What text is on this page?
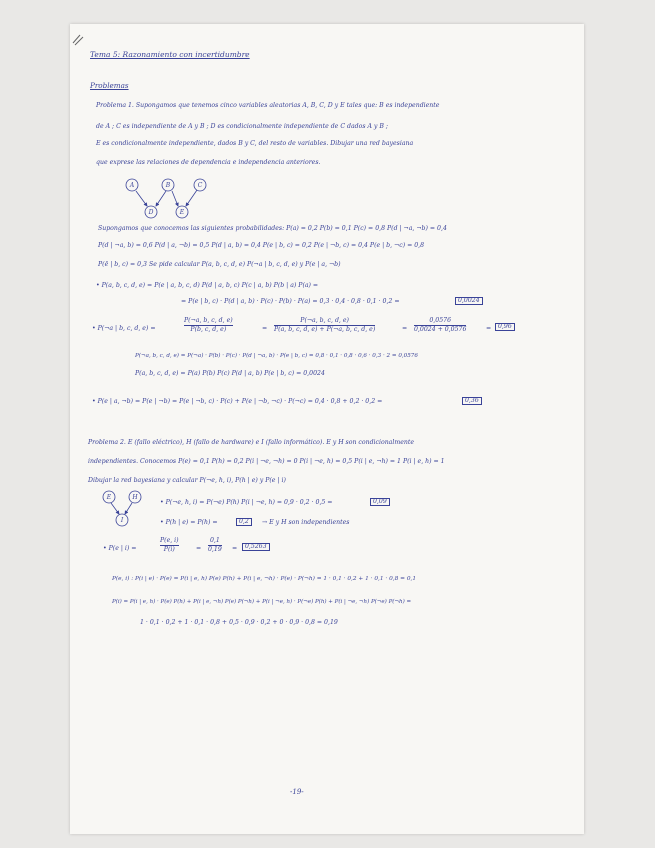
Tema 5: Razonamiento con incertidumbre
Problemas
Problema 1. Supongamos que tenemos cinco variables aleatorias A, B, C, D y E tales que: B es independiente
de A ; C es independiente de A y B ; D es condicionalmente independiente de C dados A y B ;
E es condicionalmente independiente, dados B y C, del resto de variables. Dibujar una red bayesiana
que exprese las relaciones de dependencia e independencia anteriores.
A	B	C
D	E
Supongamos que conocemos las siguientes probabilidades: P(a) = 0,2 P(b) = 0,1 P(c) = 0,8 P(d | ¬a, ¬b) = 0,4
P(d | ¬a, b) = 0,6 P(d | a, ¬b) = 0,5 P(d | a, b) = 0,4 P(e | b, c) = 0,2 P(e | ¬b, c) = 0,4 P(e | b, ¬c) = 0,8
P(ē | b, c) = 0,3 Se pide calcular P(a, b, c, d, e) P(¬a | b, c, d, e) y P(e | a, ¬b)
• P(a, b, c, d, e) = P(e | a, b, c, d) P(d | a, b, c) P(c | a, b) P(b | a) P(a) =
= P(e | b, c) · P(d | a, b) · P(c) · P(b) · P(a) = 0,3 · 0,4 · 0,8 · 0,1 · 0,2 =	0,0024
• P(¬a | b, c, d, e) =
P(¬a, b, c, d, e)
P(b, c, d, e)	=
P(¬a, b, c, d, e)
P(a, b, c, d, e) + P(¬a, b, c, d, e)	=
0,0576
0,0024 + 0,0576	=	0,96
P(¬a, b, c, d, e) = P(¬a) · P(b) · P(c) · P(d | ¬a, b) · P(e | b, c) = 0,8 · 0,1 · 0,8 · 0,6 · 0,3 · 2 = 0,0576
P(a, b, c, d, e) = P(a) P(b) P(c) P(d | a, b) P(e | b, c) = 0,0024
• P(e | a, ¬b) = P(e | ¬b) = P(e | ¬b, c) · P(c) + P(e | ¬b, ¬c) · P(¬c) = 0,4 · 0,8 + 0,2 · 0,2 =	0,36
Problema 2. E (fallo eléctrico), H (fallo de hardware) e I (fallo informático). E y H son condicionalmente
independientes. Conocemos P(e) = 0,1 P(h) = 0,2 P(i | ¬e, ¬h) = 0 P(i | ¬e, h) = 0,5 P(i | e, ¬h) = 1 P(i | e, h) = 1
Dibujar la red bayesiana y calcular P(¬e, h, i), P(h | e) y P(e | i)
E	H
I
• P(¬e, h, i) = P(¬e) P(h) P(i | ¬e, h) = 0,9 · 0,2 · 0,5 =	0,09
• P(h | e) = P(h) =	0,2	→ E y H son independientes
• P(e | i) =
P(e, i)
P(i)	=
0,1
0,19 =	0,5263
P(e, i) : P(i | e) · P(e) = P(i | e, h) P(e) P(h) + P(i | e, ¬h) · P(e) · P(¬h) = 1 · 0,1 · 0,2 + 1 · 0,1 · 0,8 = 0,1
P(i) = P(i | e, h) · P(e) P(h) + P(i | e, ¬h) P(e) P(¬h) + P(i | ¬e, h) · P(¬e) P(h) + P(i | ¬e, ¬h) P(¬e) P(¬h) =
1 · 0,1 · 0,2 + 1 · 0,1 · 0,8 + 0,5 · 0,9 · 0,2 + 0 · 0,9 · 0,8 = 0,19
-19-
